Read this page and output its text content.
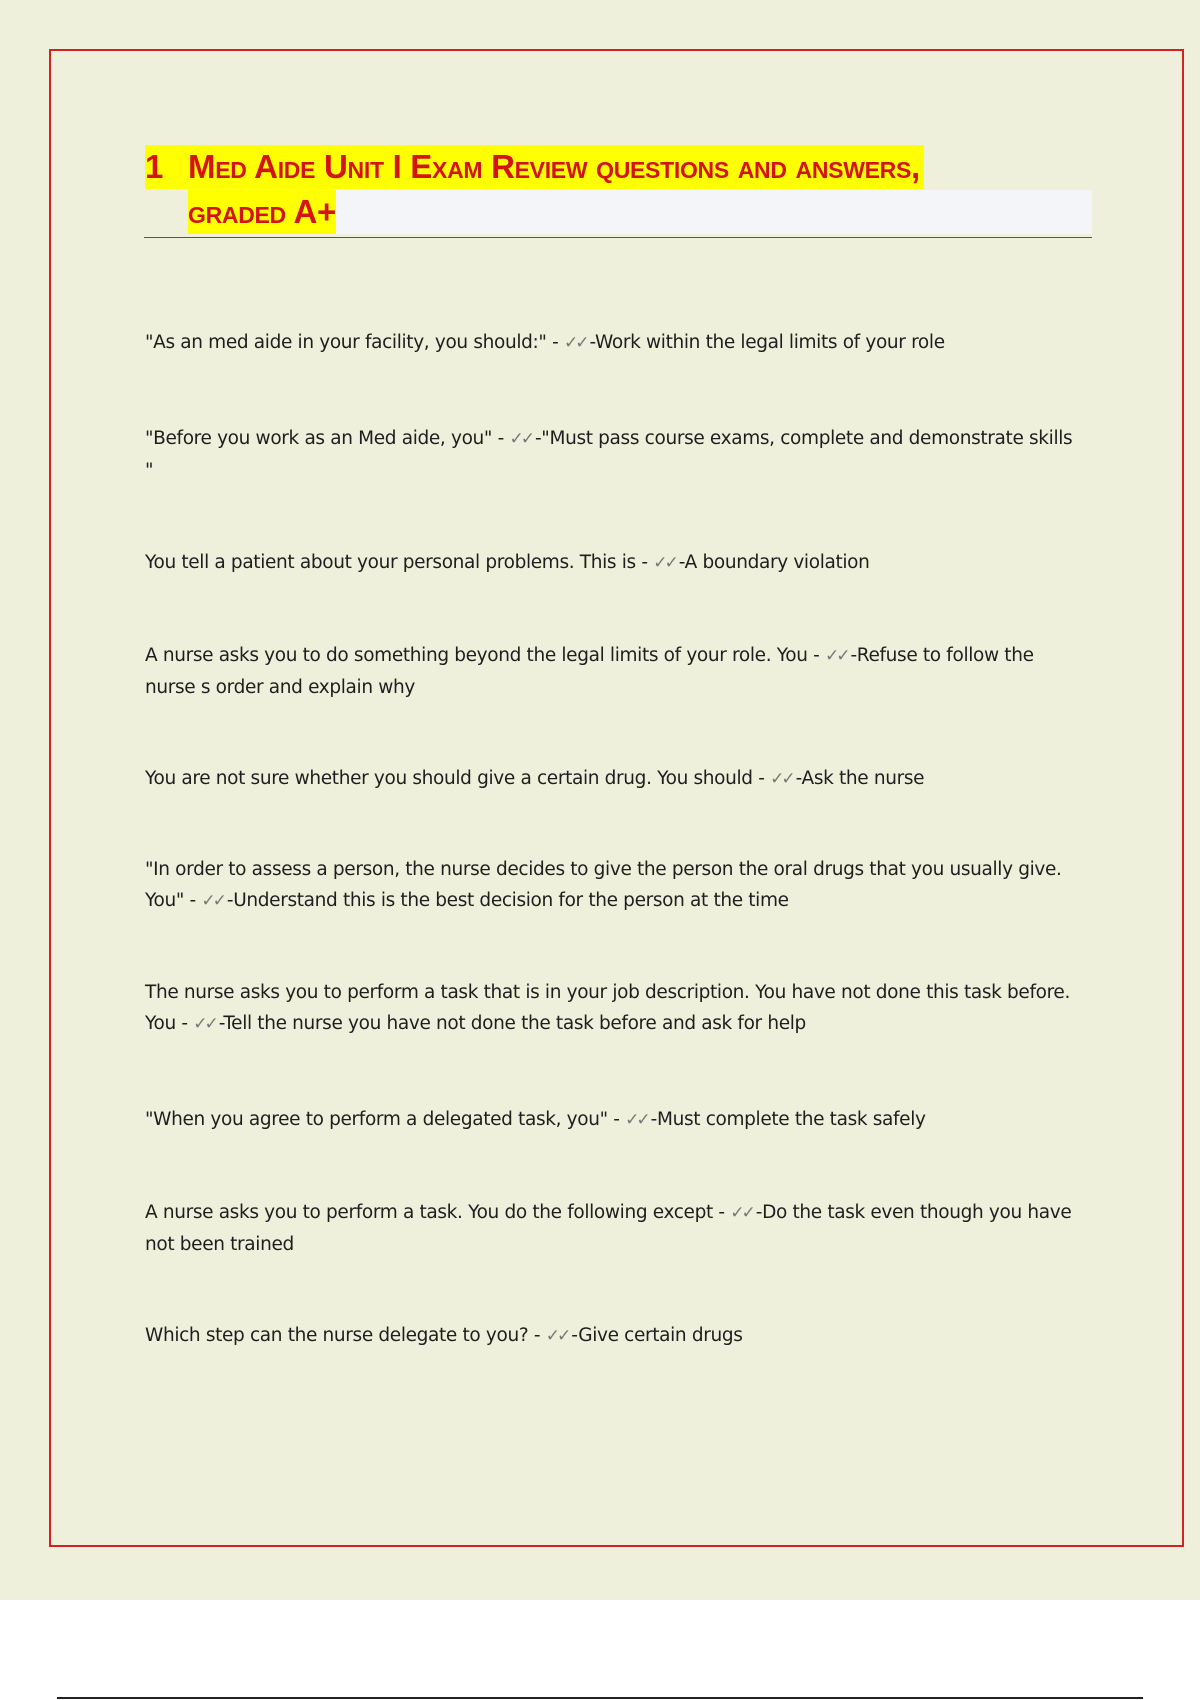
1 Med Aide Unit I Exam Review questions and answers,
graded A+
"As an med aide in your facility, you should:" - ✓✓ -Work within the legal limits of your role
"Before you work as an Med aide, you" - ✓✓ -"Must pass course exams, complete and demonstrate skills "
You tell a patient about your personal problems. This is - ✓✓ -A boundary violation
A nurse asks you to do something beyond the legal limits of your role. You - ✓✓ -Refuse to follow the nurse s order and explain why
You are not sure whether you should give a certain drug. You should - ✓✓ -Ask the nurse
"In order to assess a person, the nurse decides to give the person the oral drugs that you usually give. You" - ✓✓ -Understand this is the best decision for the person at the time
The nurse asks you to perform a task that is in your job description. You have not done this task before. You - ✓✓ -Tell the nurse you have not done the task before and ask for help
"When you agree to perform a delegated task, you" - ✓✓ -Must complete the task safely
A nurse asks you to perform a task. You do the following except - ✓✓ -Do the task even though you have not been trained
Which step can the nurse delegate to you? - ✓✓ -Give certain drugs
